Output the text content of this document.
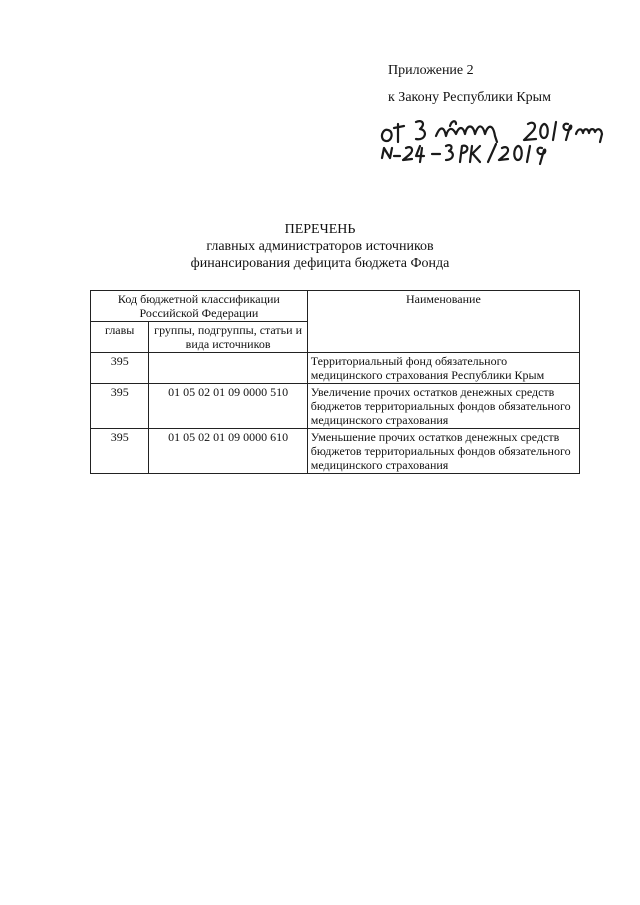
Приложение 2
к Закону Республики Крым
ПЕРЕЧЕНЬ
главных администраторов источников
финансирования дефицита бюджета Фонда
Код бюджетной классификации Российской Федерации		Наименование
главы	группы, подгруппы, статьи и вида источников	
395		Территориальный фонд обязательного медицинского страхования Республики Крым
395	01 05 02 01 09 0000 510	Увеличение прочих остатков денежных средств бюджетов территориальных фондов обязательного медицинского страхования
395	01 05 02 01 09 0000 610	Уменьшение прочих остатков денежных средств бюджетов территориальных фондов обязательного медицинского страхования
